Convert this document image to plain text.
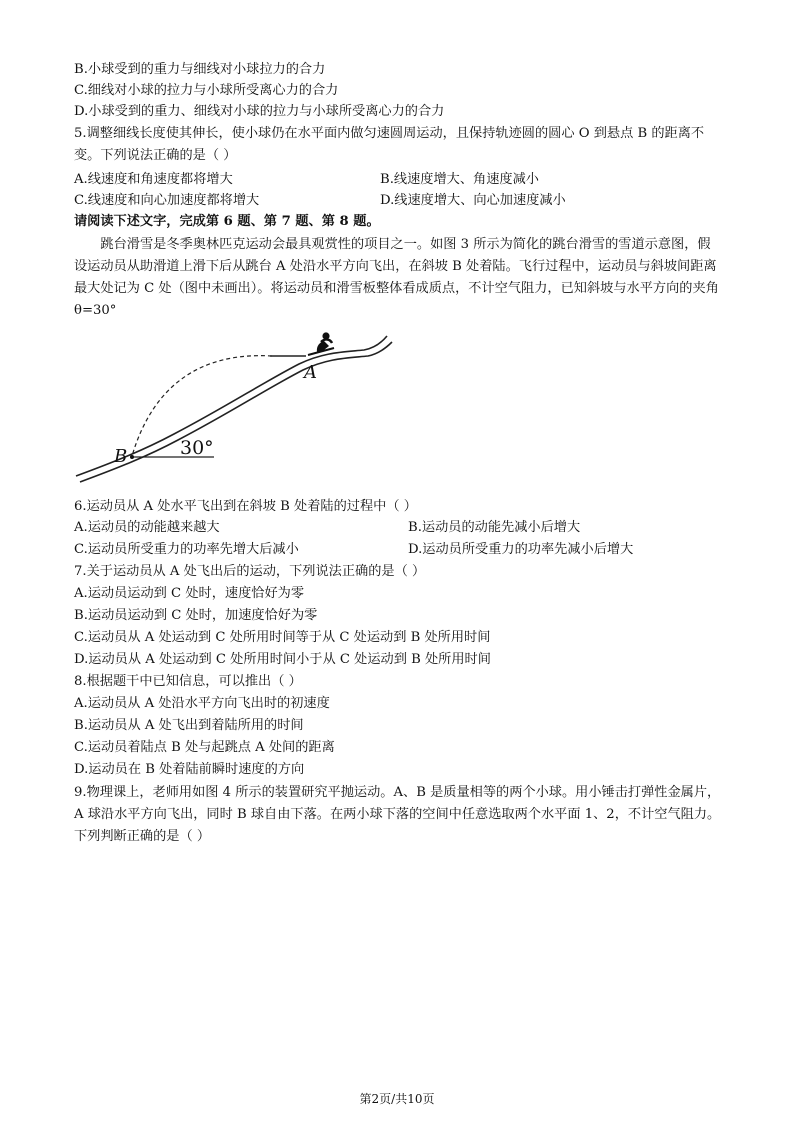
B.小球受到的重力与细线对小球拉力的合力
C.细线对小球的拉力与小球所受离心力的合力
D.小球受到的重力、细线对小球的拉力与小球所受离心力的合力
5.调整细线长度使其伸长，使小球仍在水平面内做匀速圆周运动，且保持轨迹圆的圆心 O 到悬点 B 的距离不变。下列说法正确的是（ ）
A.线速度和角速度都将增大	B.线速度增大、角速度减小
C.线速度和向心加速度都将增大	D.线速度增大、向心加速度减小
请阅读下述文字，完成第 6 题、第 7 题、第 8 题。
跳台滑雪是冬季奥林匹克运动会最具观赏性的项目之一。如图 3 所示为简化的跳台滑雪的雪道示意图，假设运动员从助滑道上滑下后从跳台 A 处沿水平方向飞出，在斜坡 B 处着陆。飞行过程中，运动员与斜坡间距离最大处记为 C 处（图中未画出）。将运动员和滑雪板整体看成质点，不计空气阻力，已知斜坡与水平方向的夹角 θ=30°
A
B	30°
6.运动员从 A 处水平飞出到在斜坡 B 处着陆的过程中（ ）
A.运动员的动能越来越大	B.运动员的动能先减小后增大
C.运动员所受重力的功率先增大后减小	D.运动员所受重力的功率先减小后增大
7.关于运动员从 A 处飞出后的运动，下列说法正确的是（ ）
A.运动员运动到 C 处时，速度恰好为零
B.运动员运动到 C 处时，加速度恰好为零
C.运动员从 A 处运动到 C 处所用时间等于从 C 处运动到 B 处所用时间
D.运动员从 A 处运动到 C 处所用时间小于从 C 处运动到 B 处所用时间
8.根据题干中已知信息，可以推出（ ）
A.运动员从 A 处沿水平方向飞出时的初速度
B.运动员从 A 处飞出到着陆所用的时间
C.运动员着陆点 B 处与起跳点 A 处间的距离
D.运动员在 B 处着陆前瞬时速度的方向
9.物理课上，老师用如图 4 所示的装置研究平抛运动。A、B 是质量相等的两个小球。用小锤击打弹性金属片，A 球沿水平方向飞出，同时 B 球自由下落。在两小球下落的空间中任意选取两个水平面 1、2，不计空气阻力。下列判断正确的是（ ）
第2页/共10页
